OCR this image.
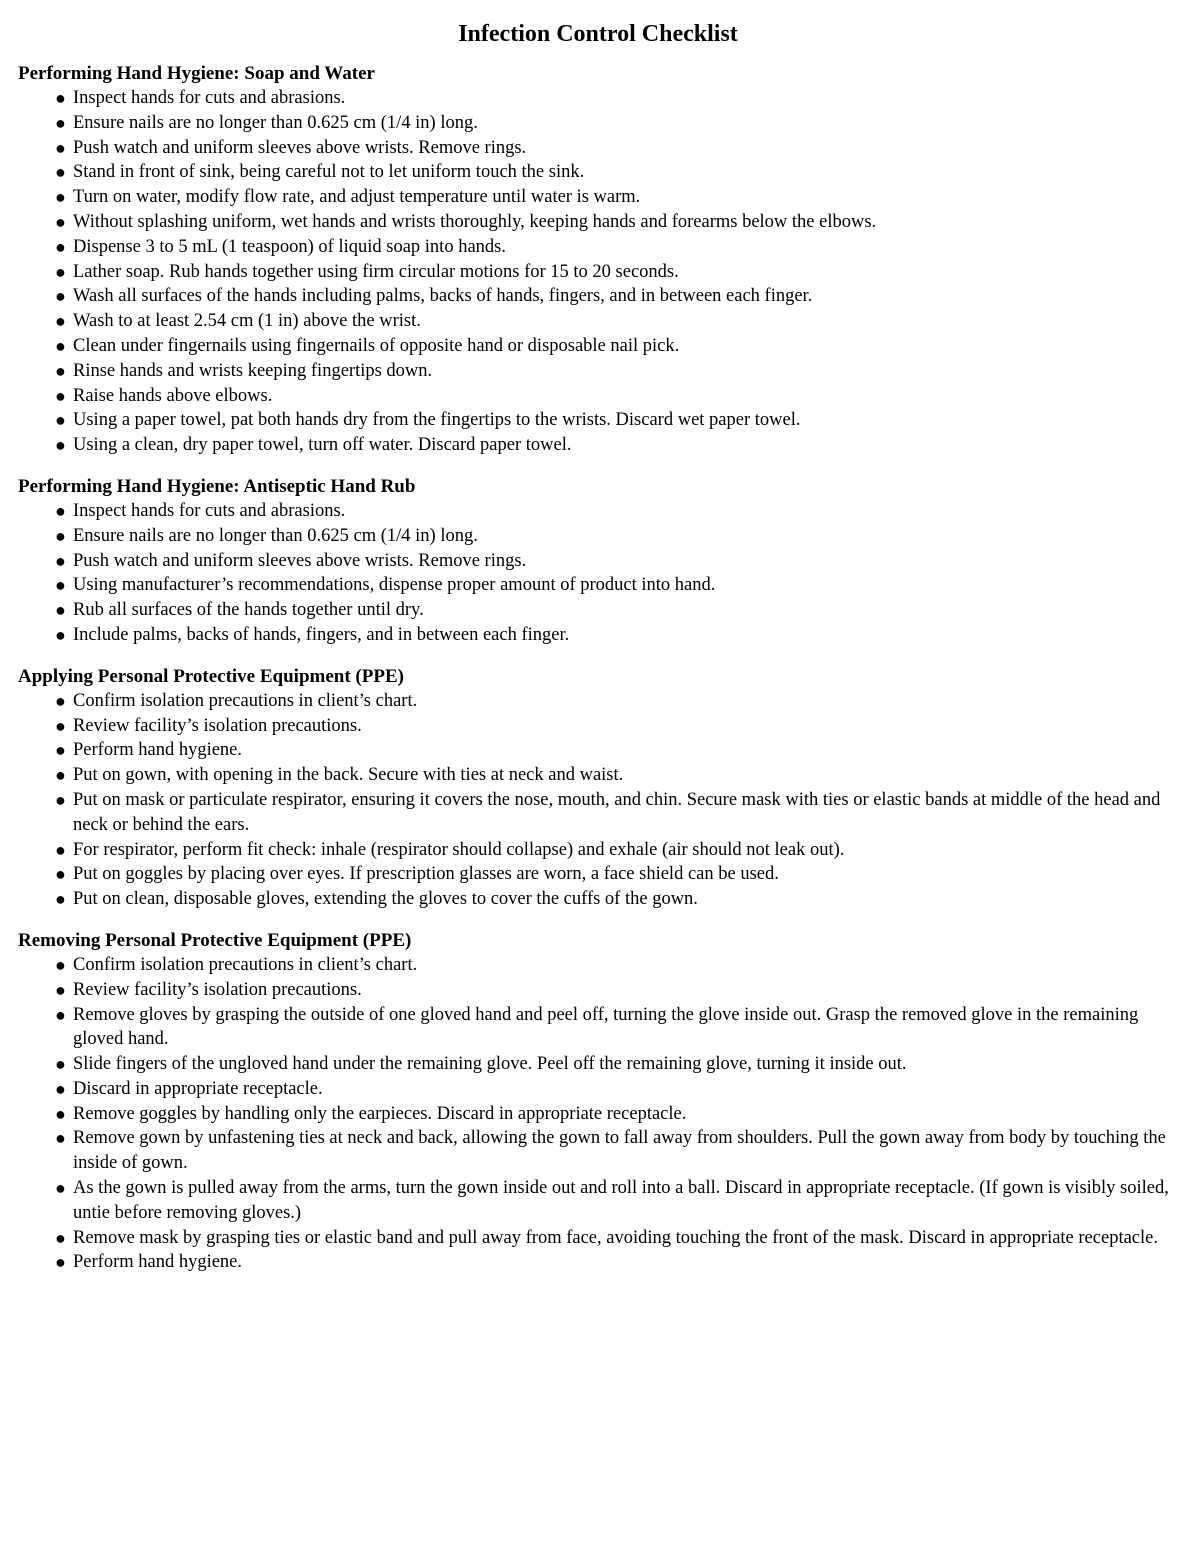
Infection Control Checklist
Performing Hand Hygiene: Soap and Water
● Inspect hands for cuts and abrasions.
● Ensure nails are no longer than 0.625 cm (1/4 in) long.
● Push watch and uniform sleeves above wrists. Remove rings.
● Stand in front of sink, being careful not to let uniform touch the sink.
● Turn on water, modify flow rate, and adjust temperature until water is warm.
● Without splashing uniform, wet hands and wrists thoroughly, keeping hands and forearms below the elbows.
● Dispense 3 to 5 mL (1 teaspoon) of liquid soap into hands.
● Lather soap. Rub hands together using firm circular motions for 15 to 20 seconds.
● Wash all surfaces of the hands including palms, backs of hands, fingers, and in between each finger.
● Wash to at least 2.54 cm (1 in) above the wrist.
● Clean under fingernails using fingernails of opposite hand or disposable nail pick.
● Rinse hands and wrists keeping fingertips down.
● Raise hands above elbows.
● Using a paper towel, pat both hands dry from the fingertips to the wrists. Discard wet paper towel.
● Using a clean, dry paper towel, turn off water. Discard paper towel.
Performing Hand Hygiene: Antiseptic Hand Rub
● Inspect hands for cuts and abrasions.
● Ensure nails are no longer than 0.625 cm (1/4 in) long.
● Push watch and uniform sleeves above wrists. Remove rings.
● Using manufacturer’s recommendations, dispense proper amount of product into hand.
● Rub all surfaces of the hands together until dry.
● Include palms, backs of hands, fingers, and in between each finger.
Applying Personal Protective Equipment (PPE)
● Confirm isolation precautions in client’s chart.
● Review facility’s isolation precautions.
● Perform hand hygiene.
● Put on gown, with opening in the back. Secure with ties at neck and waist.
● Put on mask or particulate respirator, ensuring it covers the nose, mouth, and chin. Secure mask with ties or elastic bands at middle of the head and neck or behind the ears.
● For respirator, perform fit check: inhale (respirator should collapse) and exhale (air should not leak out).
● Put on goggles by placing over eyes. If prescription glasses are worn, a face shield can be used.
● Put on clean, disposable gloves, extending the gloves to cover the cuffs of the gown.
Removing Personal Protective Equipment (PPE)
● Confirm isolation precautions in client’s chart.
● Review facility’s isolation precautions.
● Remove gloves by grasping the outside of one gloved hand and peel off, turning the glove inside out. Grasp the removed glove in the remaining gloved hand.
● Slide fingers of the ungloved hand under the remaining glove. Peel off the remaining glove, turning it inside out.
● Discard in appropriate receptacle.
● Remove goggles by handling only the earpieces. Discard in appropriate receptacle.
● Remove gown by unfastening ties at neck and back, allowing the gown to fall away from shoulders. Pull the gown away from body by touching the inside of gown.
● As the gown is pulled away from the arms, turn the gown inside out and roll into a ball. Discard in appropriate receptacle. (If gown is visibly soiled, untie before removing gloves.)
● Remove mask by grasping ties or elastic band and pull away from face, avoiding touching the front of the mask. Discard in appropriate receptacle.
● Perform hand hygiene.
